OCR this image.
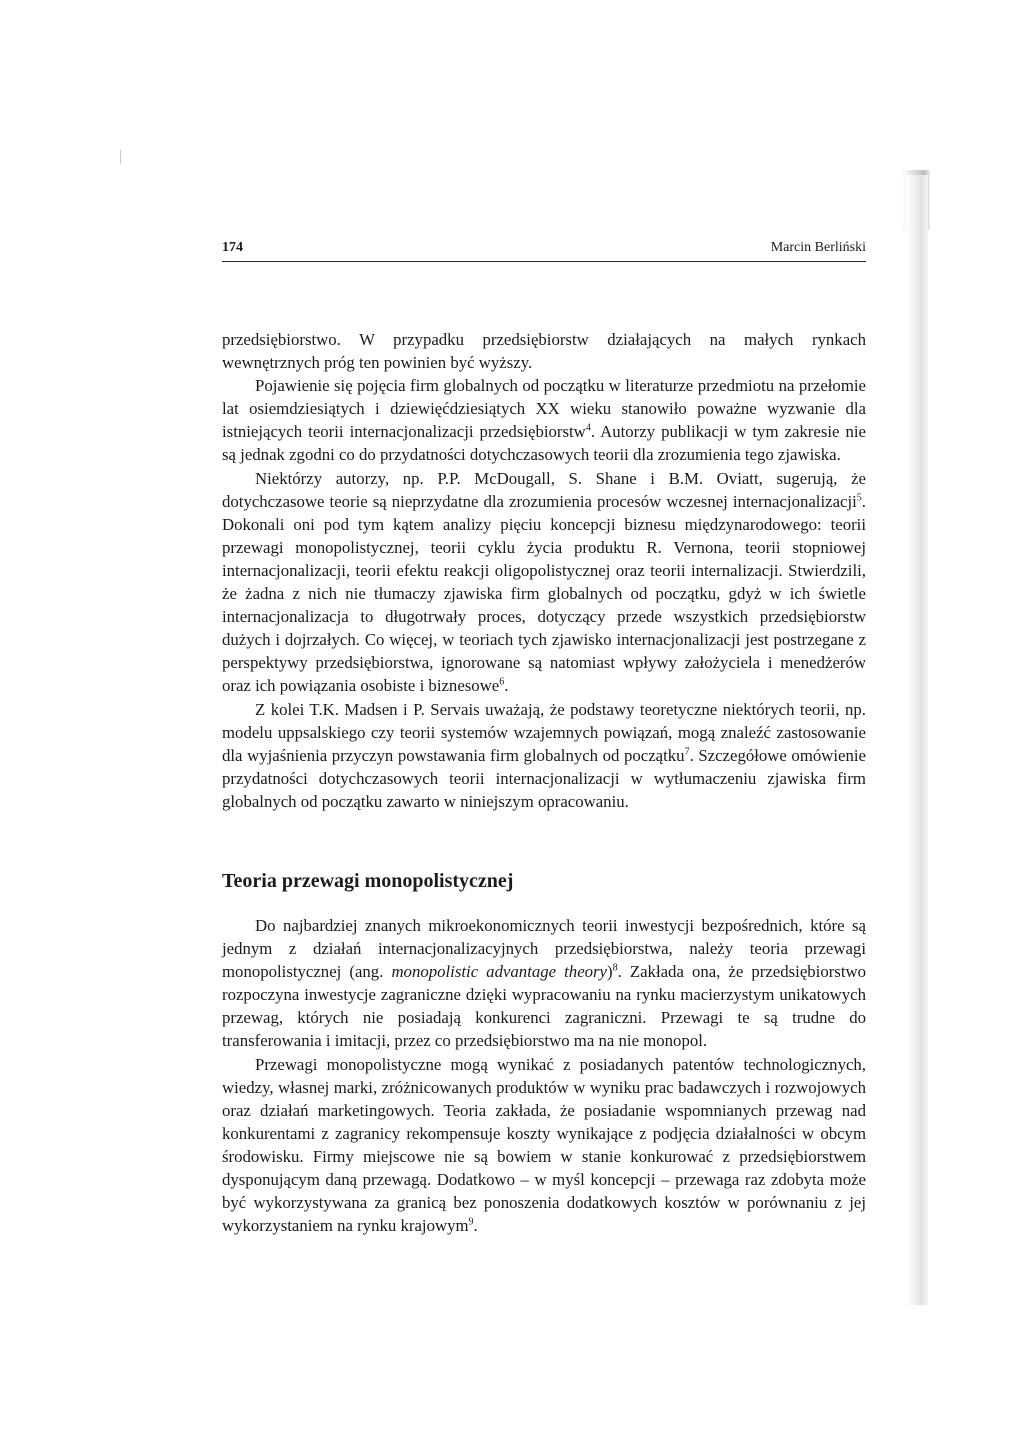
174	Marcin Berliński

przedsiębiorstwo. W przypadku przedsiębiorstw działających na małych rynkach wewnętrznych próg ten powinien być wyższy.

Pojawienie się pojęcia firm globalnych od początku w literaturze przedmiotu na przełomie lat osiemdziesiątych i dziewięćdziesiątych XX wieku stanowiło poważne wyzwanie dla istniejących teorii internacjonalizacji przedsiębiorstw$^4$. Autorzy publikacji w tym zakresie nie są jednak zgodni co do przydatności dotychczasowych teorii dla zrozumienia tego zjawiska.

Niektórzy autorzy, np. P.P. McDougall, S. Shane i B.M. Oviatt, sugerują, że dotychczasowe teorie są nieprzydatne dla zrozumienia procesów wczesnej internacjonalizacji$^5$. Dokonali oni pod tym kątem analizy pięciu koncepcji biznesu międzynarodowego: teorii przewagi monopolistycznej, teorii cyklu życia produktu R. Vernona, teorii stopniowej internacjonalizacji, teorii efektu reakcji oligopolistycznej oraz teorii internalizacji. Stwierdzili, że żadna z nich nie tłumaczy zjawiska firm globalnych od początku, gdyż w ich świetle internacjonalizacja to długotrwały proces, dotyczący przede wszystkich przedsiębiorstw dużych i dojrzałych. Co więcej, w teoriach tych zjawisko internacjonalizacji jest postrzegane z perspektywy przedsiębiorstwa, ignorowane są natomiast wpływy założyciela i menedżerów oraz ich powiązania osobiste i biznesowe$^6$.

Z kolei T.K. Madsen i P. Servais uważają, że podstawy teoretyczne niektórych teorii, np. modelu uppsalskiego czy teorii systemów wzajemnych powiązań, mogą znaleźć zastosowanie dla wyjaśnienia przyczyn powstawania firm globalnych od początku$^7$. Szczegółowe omówienie przydatności dotychczasowych teorii internacjonalizacji w wytłumaczeniu zjawiska firm globalnych od początku zawarto w niniejszym opracowaniu.

Teoria przewagi monopolistycznej

Do najbardziej znanych mikroekonomicznych teorii inwestycji bezpośrednich, które są jednym z działań internacjonalizacyjnych przedsiębiorstwa, należy teoria przewagi monopolistycznej (ang. monopolistic advantage theory)$^8$. Zakłada ona, że przedsiębiorstwo rozpoczyna inwestycje zagraniczne dzięki wypracowaniu na rynku macierzystym unikatowych przewag, których nie posiadają konkurenci zagraniczni. Przewagi te są trudne do transferowania i imitacji, przez co przedsiębiorstwo ma na nie monopol.

Przewagi monopolistyczne mogą wynikać z posiadanych patentów technologicznych, wiedzy, własnej marki, zróżnicowanych produktów w wyniku prac badawczych i rozwojowych oraz działań marketingowych. Teoria zakłada, że posiadanie wspomnianych przewag nad konkurentami z zagranicy rekompensuje koszty wynikające z podjęcia działalności w obcym środowisku. Firmy miejscowe nie są bowiem w stanie konkurować z przedsiębiorstwem dysponującym daną przewagą. Dodatkowo – w myśl koncepcji – przewaga raz zdobyta może być wykorzystywana za granicą bez ponoszenia dodatkowych kosztów w porównaniu z jej wykorzystaniem na rynku krajowym$^9$.
